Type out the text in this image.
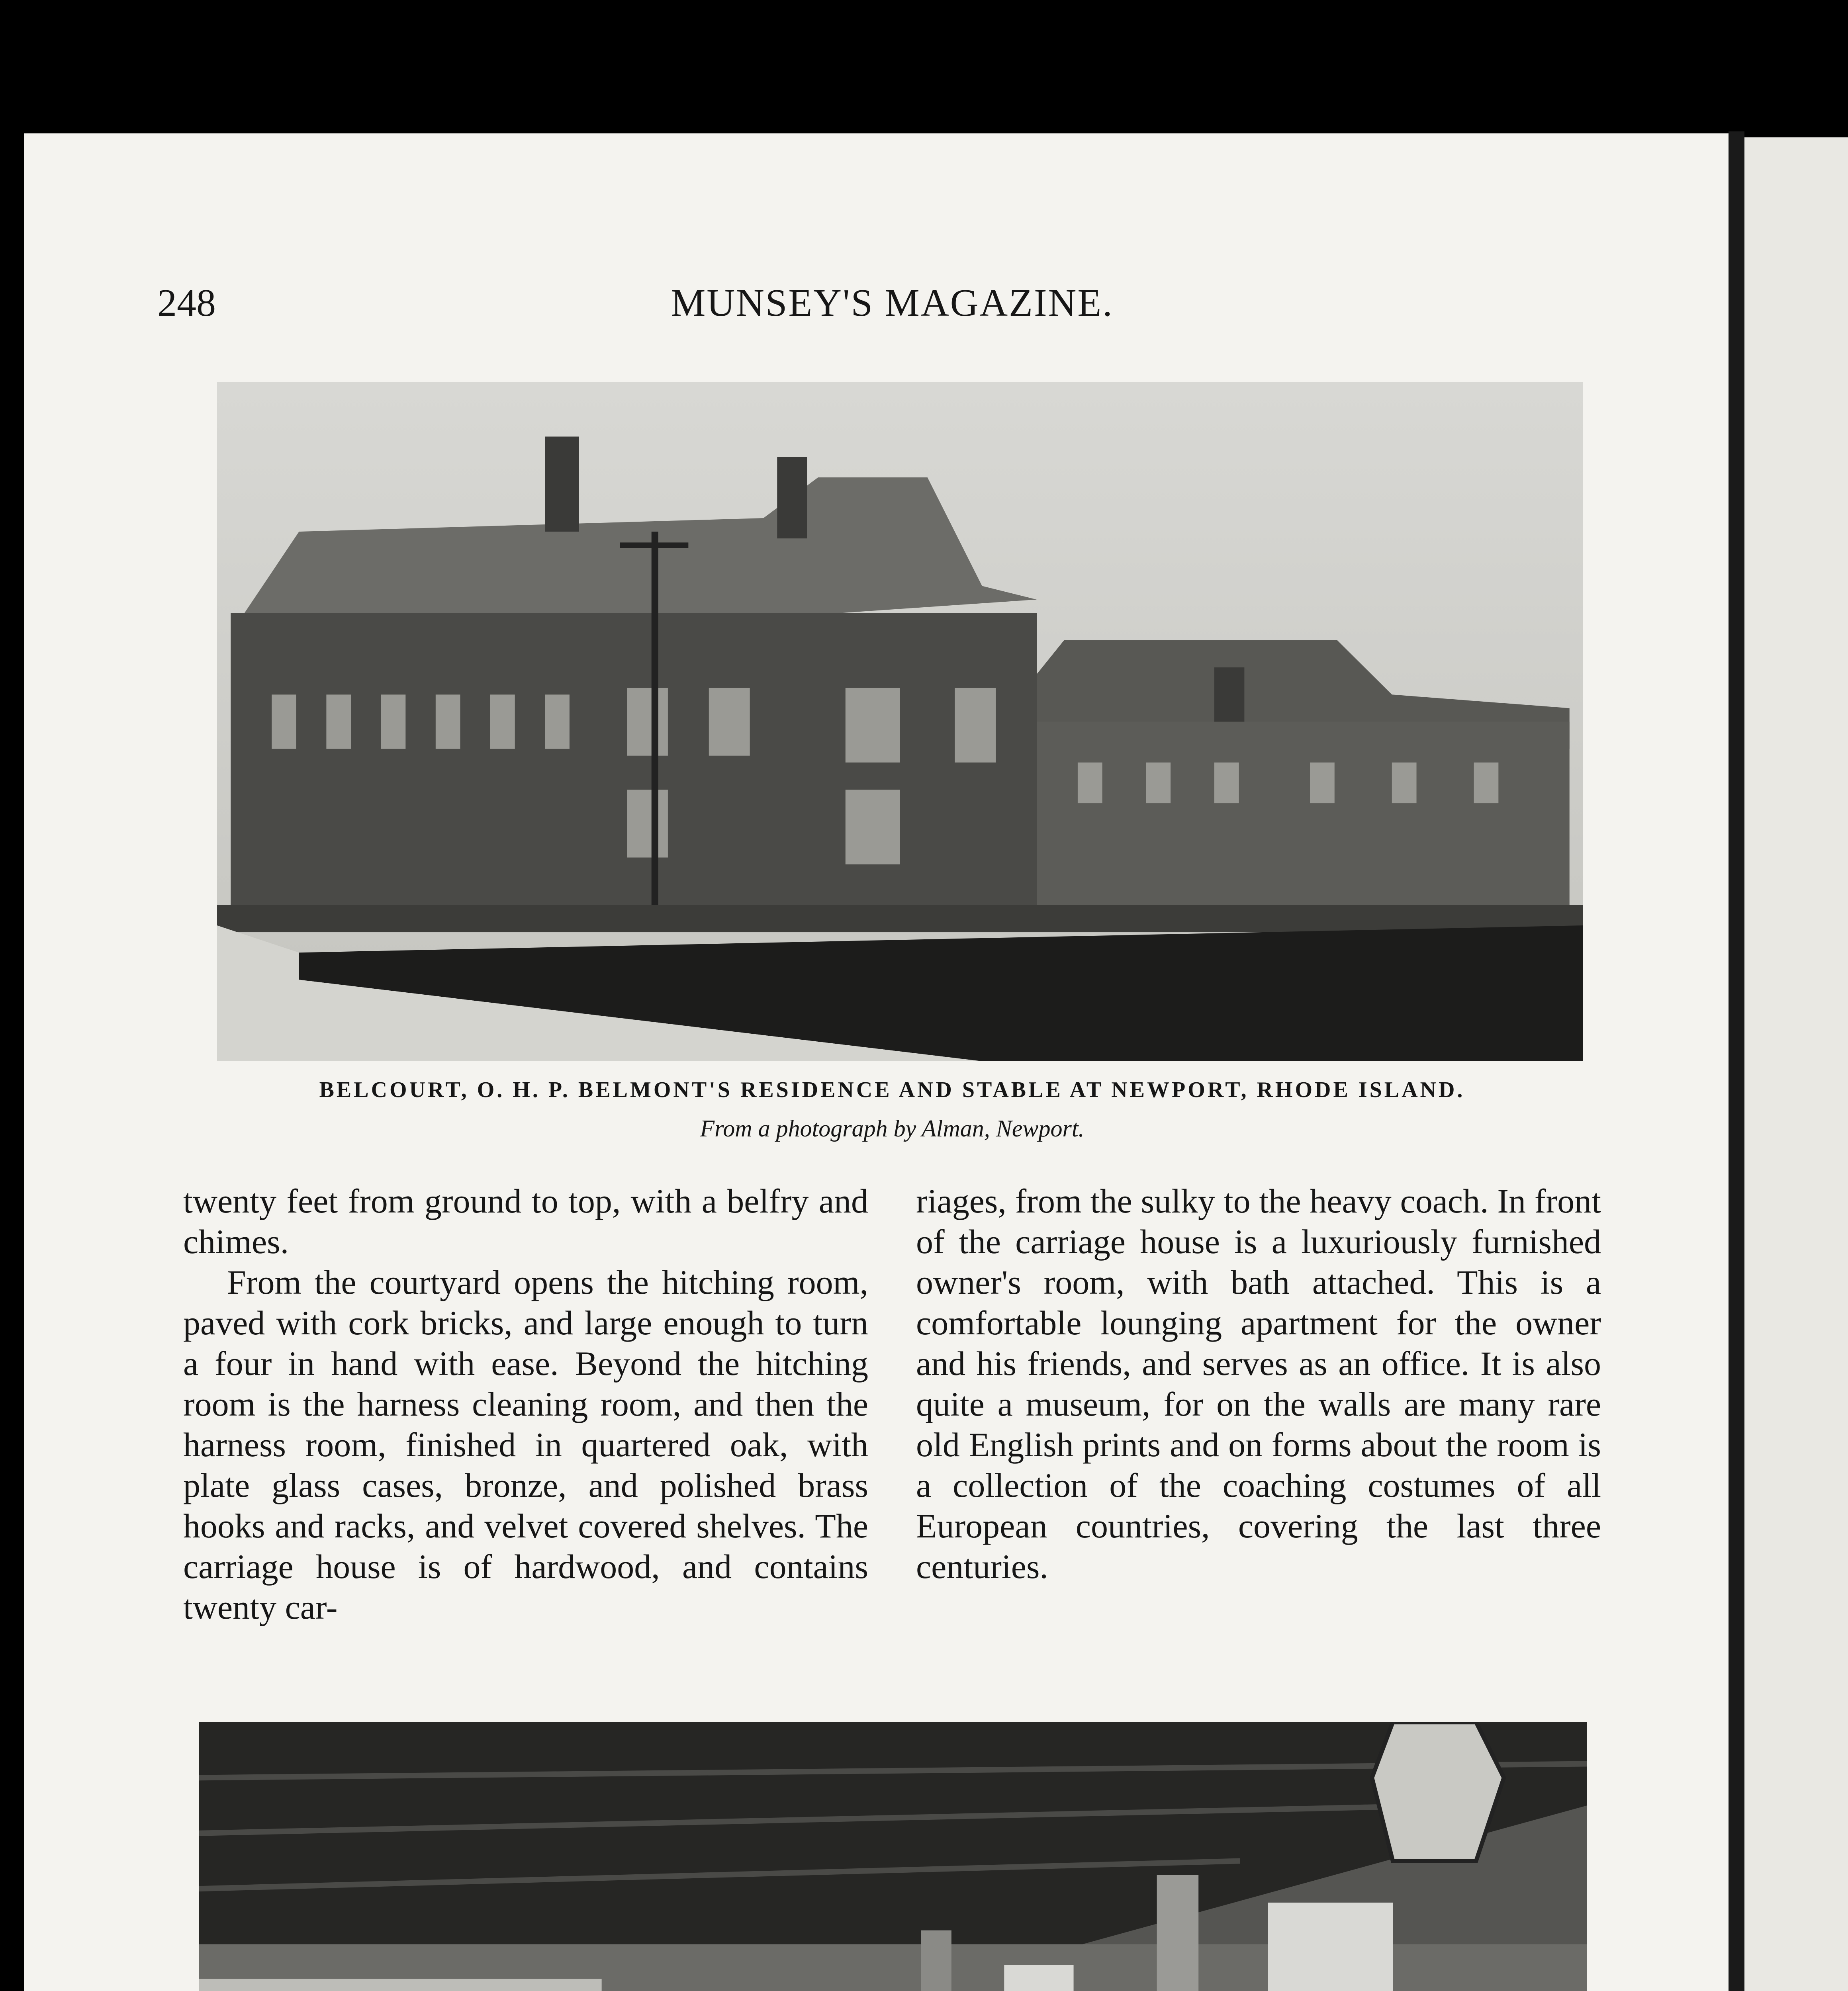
248	MUNSEY'S MAGAZINE.
BELCOURT, O. H. P. BELMONT'S RESIDENCE AND STABLE AT NEWPORT, RHODE ISLAND.
From a photograph by Alman, Newport.

twenty feet from ground to top, with a belfry and chimes.

From the courtyard opens the hitching room, paved with cork bricks, and large enough to turn a four in hand with ease. Beyond the hitching room is the harness cleaning room, and then the harness room, finished in quartered oak, with plate glass cases, bronze, and polished brass hooks and racks, and velvet covered shelves. The carriage house is of hardwood, and contains twenty car-

riages, from the sulky to the heavy coach. In front of the carriage house is a luxuriously furnished owner's room, with bath attached. This is a comfortable lounging apartment for the owner and his friends, and serves as an office. It is also quite a museum, for on the walls are many rare old English prints and on forms about the room is a collection of the coaching costumes of all European countries, covering the last three centuries.
